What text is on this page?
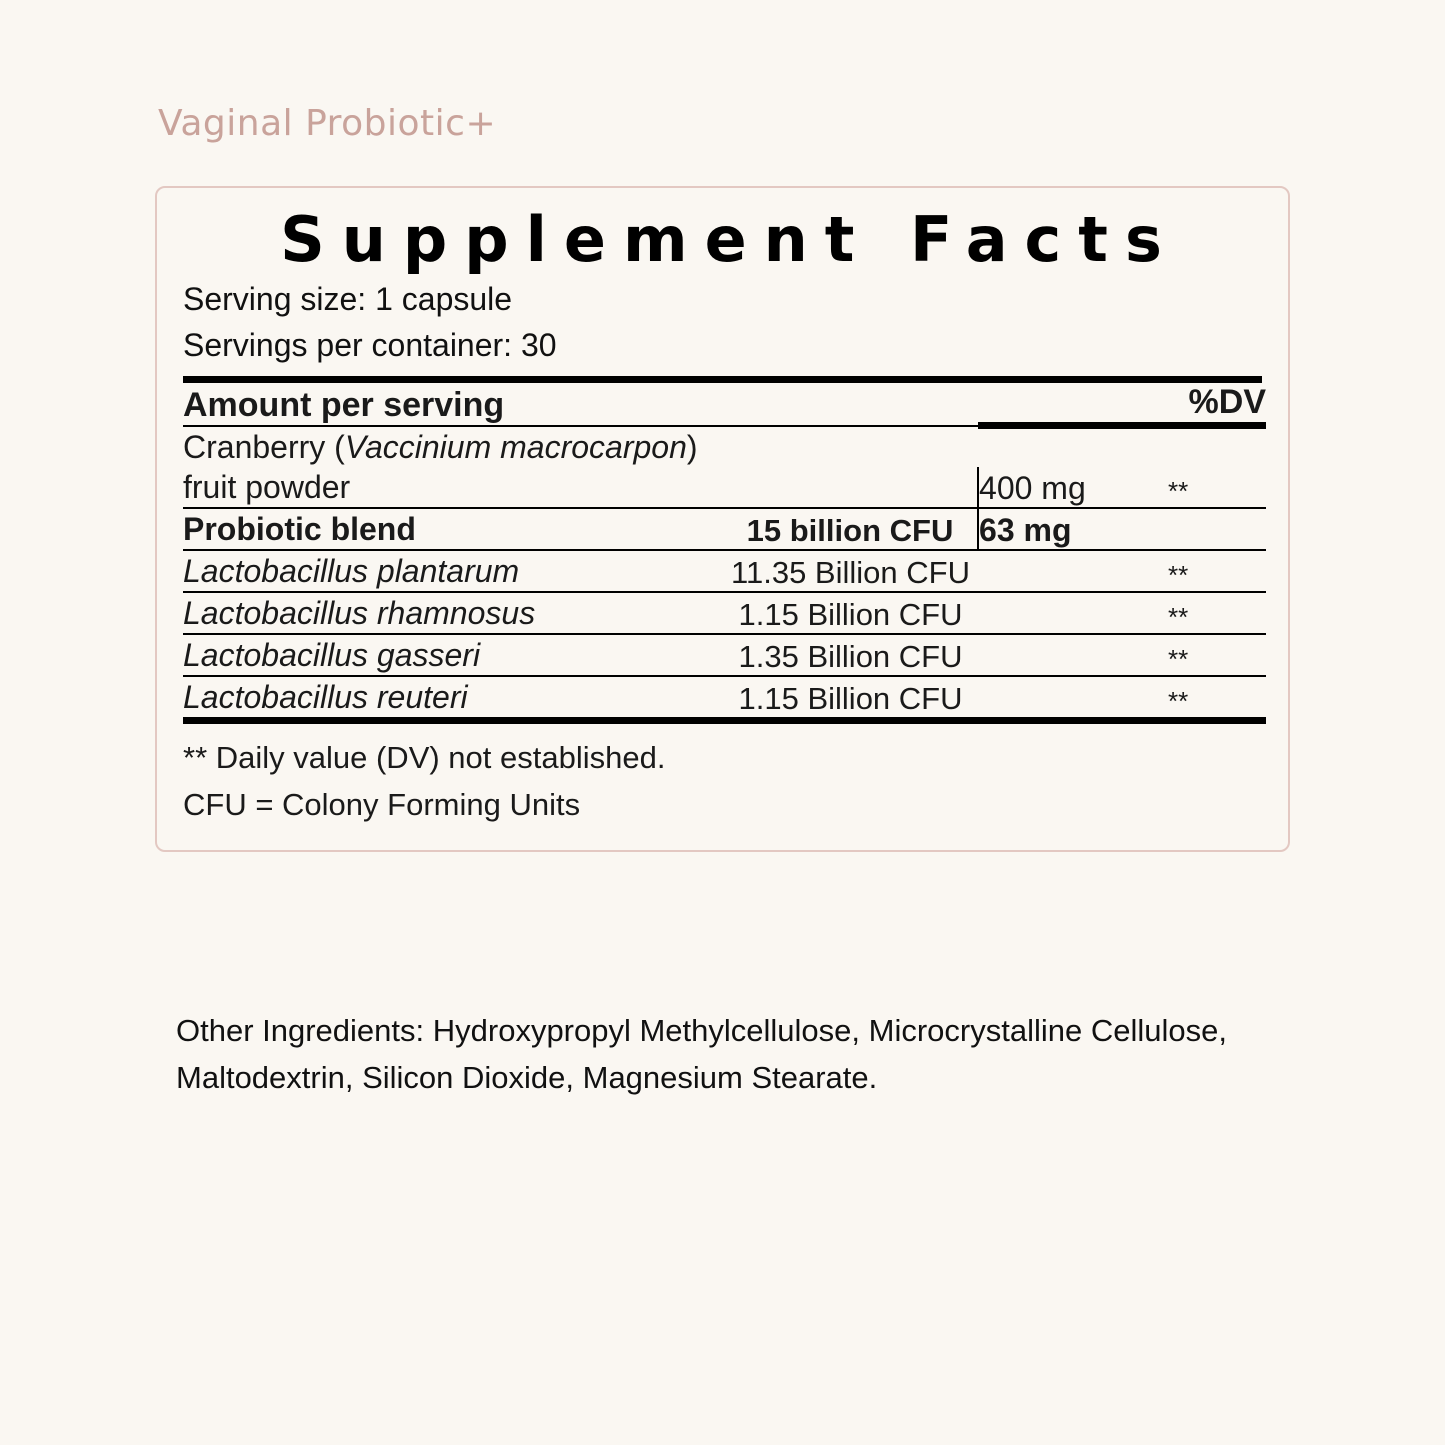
Vaginal Probiotic+
Supplement Facts
Serving size: 1 capsule
Servings per container: 30
Amount per serving		%DV	
Cranberry (Vaccinium macrocarpon)			
fruit powder		400 mg	**
Probiotic blend	15 billion CFU	63 mg	
Lactobacillus plantarum	11.35 Billion CFU		**
Lactobacillus rhamnosus	1.15 Billion CFU		**
Lactobacillus gasseri	1.35 Billion CFU		**
Lactobacillus reuteri	1.15 Billion CFU		**
** Daily value (DV) not established.
CFU = Colony Forming Units
Other Ingredients: Hydroxypropyl Methylcellulose, Microcrystalline Cellulose,
Maltodextrin, Silicon Dioxide, Magnesium Stearate.
